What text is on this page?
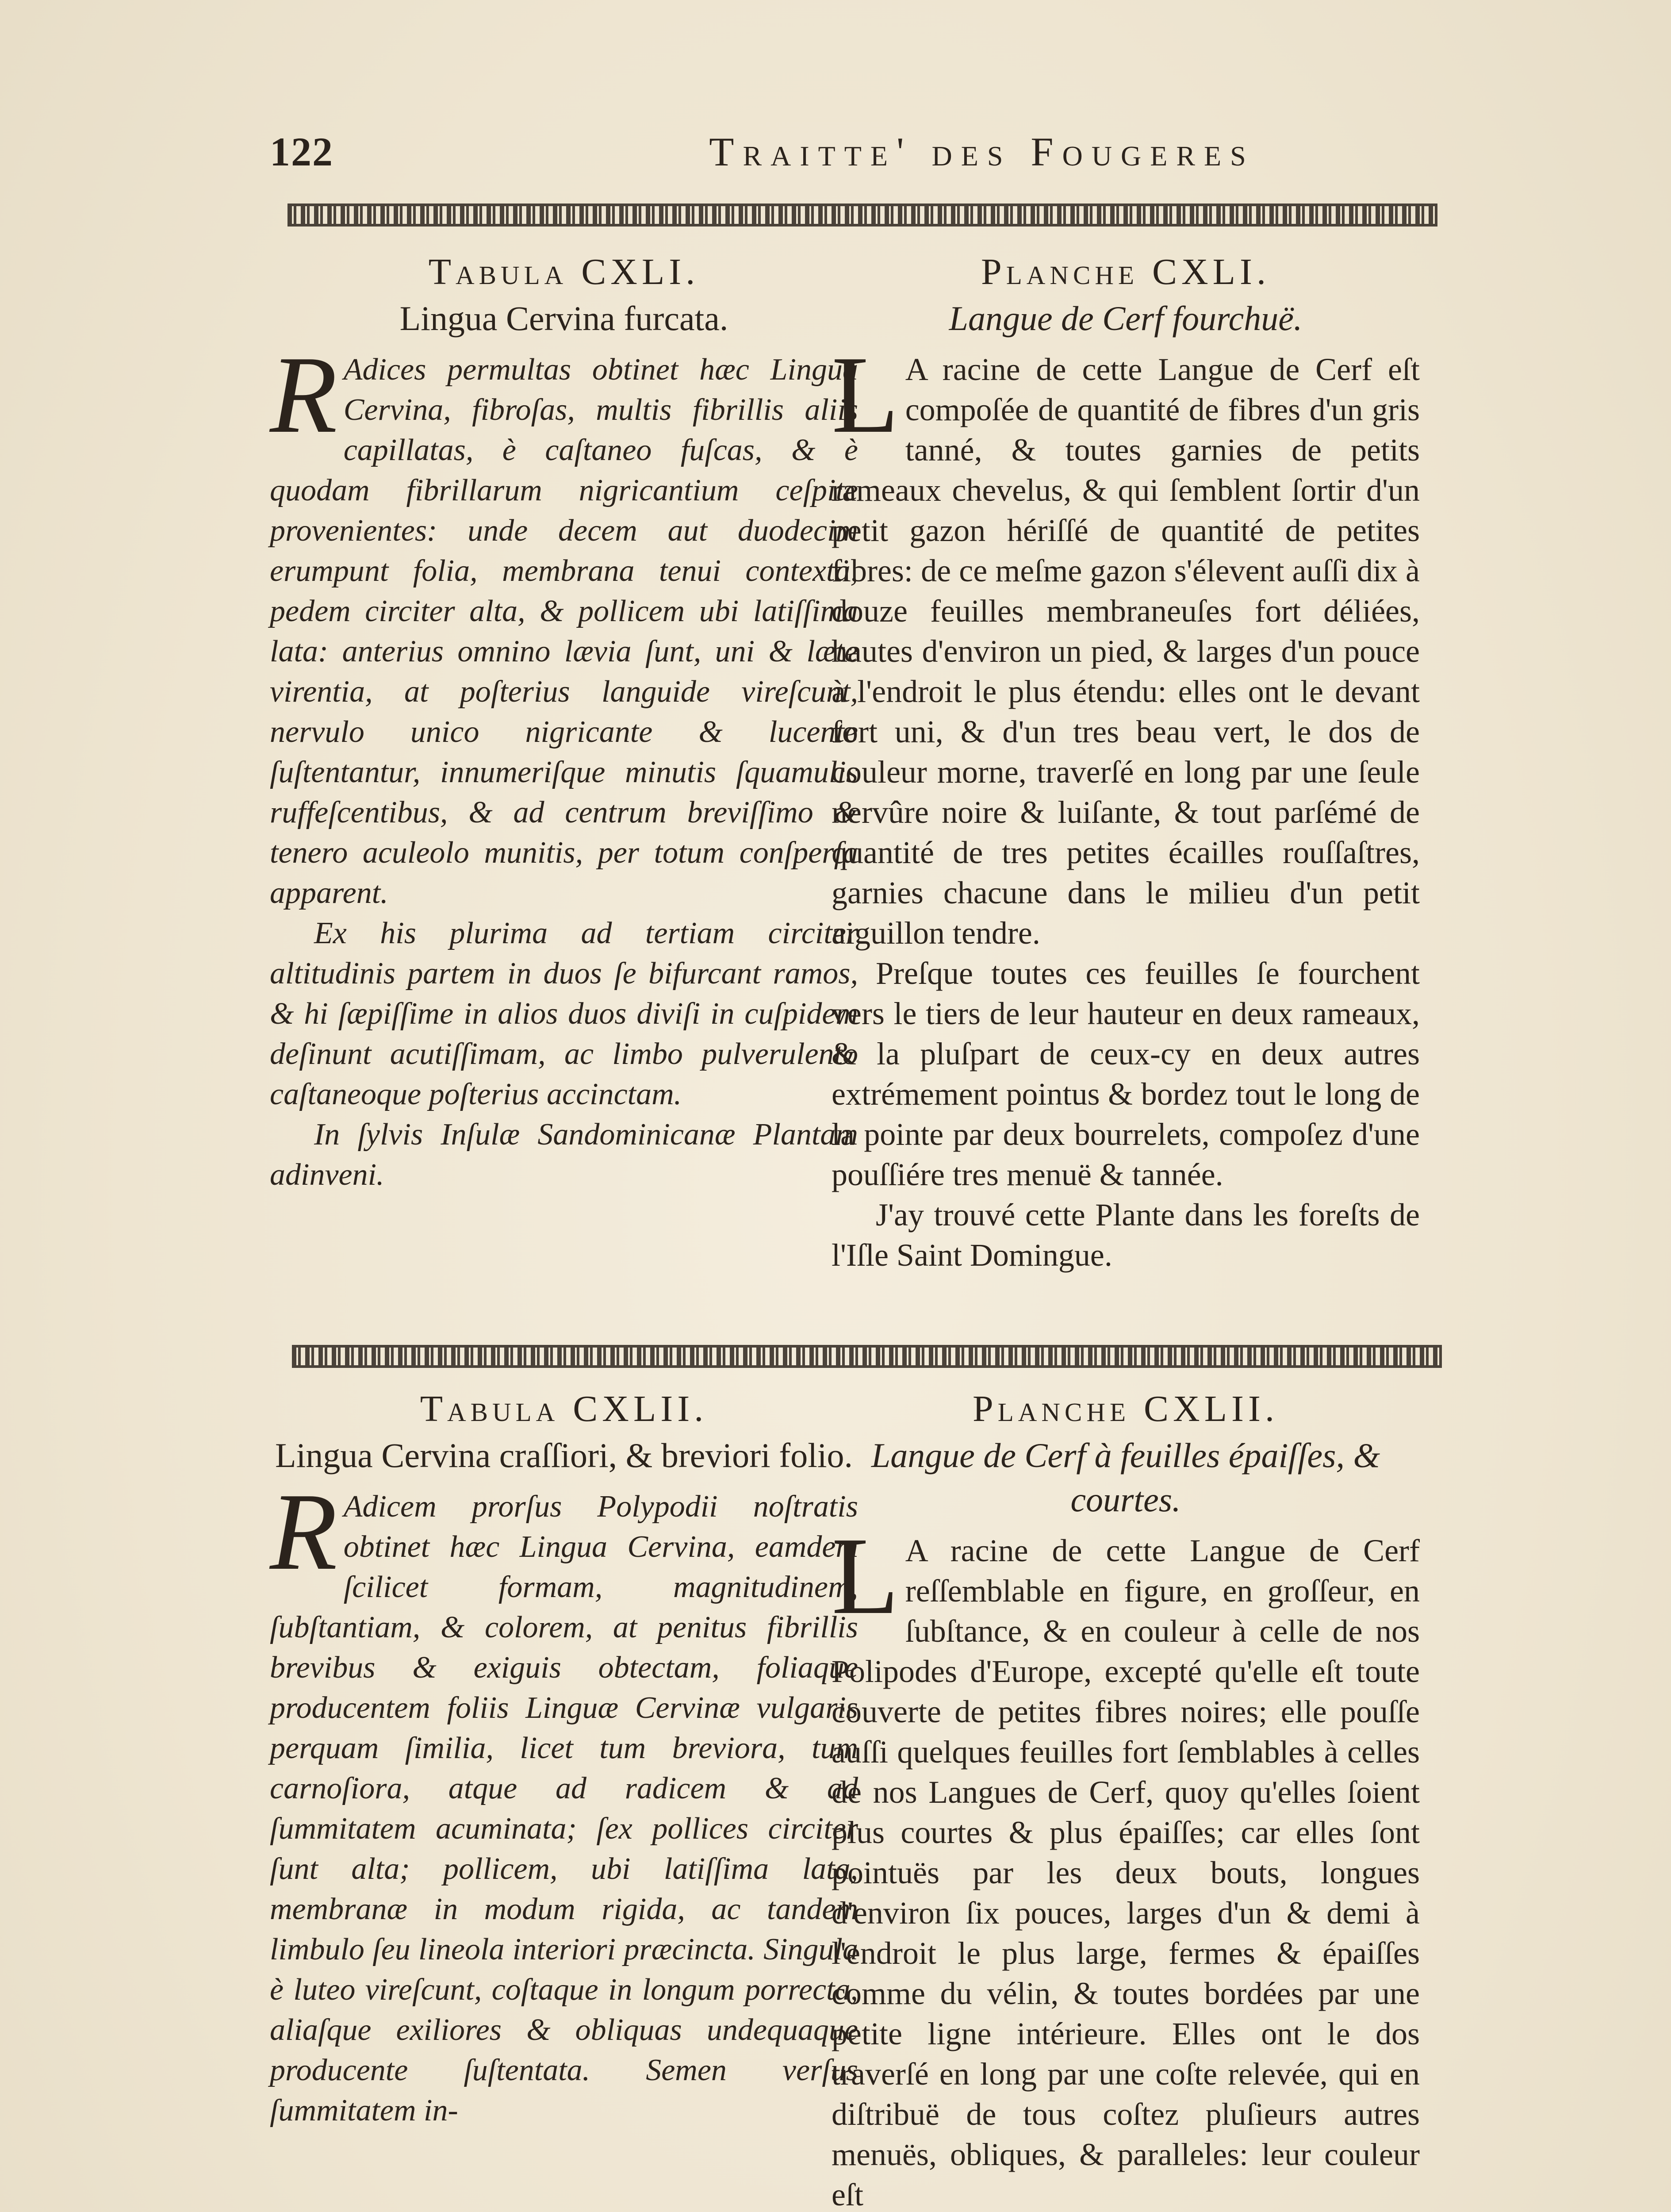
122	Traitte' des Fougeres

Tabula CXLI.

Lingua Cervina furcata.

R Adices permultas obtinet hæc Lingua Cervina, fibroſas, multis fibrillis aliis capillatas, è caſtaneo fuſcas, & è quodam fibrillarum nigricantium ceſpite provenientes: unde decem aut duodecim erumpunt folia, membrana tenui contexta, pedem circiter alta, & pollicem ubi latiſſima lata: anterius omnino lævia ſunt, uni & læte virentia, at poſterius languide vireſcunt, nervulo unico nigricante & lucente ſuſtentantur, innumeriſque minutis ſquamulis ruffeſcentibus, & ad centrum breviſſimo & tenero aculeolo munitis, per totum conſperſa apparent.

Ex his plurima ad tertiam circiter altitudinis partem in duos ſe bifurcant ramos, & hi ſæpiſſime in alios duos diviſi in cuſpidem deſinunt acutiſſimam, ac limbo pulverulento caſtaneoque poſterius accinctam.

In ſylvis Inſulæ Sandominicanæ Plantam adinveni.

Planche CXLI.

Langue de Cerf fourchuë.

L A racine de cette Langue de Cerf eſt compoſée de quantité de fibres d'un gris tanné, & toutes garnies de petits rameaux chevelus, & qui ſemblent ſortir d'un petit gazon hériſſé de quantité de petites fibres: de ce meſme gazon s'élevent auſſi dix à douze feuilles membraneuſes fort déliées, hautes d'environ un pied, & larges d'un pouce à l'endroit le plus étendu: elles ont le devant fort uni, & d'un tres beau vert, le dos de couleur morne, traverſé en long par une ſeule nervûre noire & luiſante, & tout parſémé de quantité de tres petites écailles rouſſaſtres, garnies chacune dans le milieu d'un petit aiguillon tendre.

Preſque toutes ces feuilles ſe fourchent vers le tiers de leur hauteur en deux rameaux, & la pluſpart de ceux-cy en deux autres extrémement pointus & bordez tout le long de la pointe par deux bourrelets, compoſez d'une pouſſiére tres menuë & tannée.

J'ay trouvé cette Plante dans les foreſts de l'Iſle Saint Domingue.

Tabula CXLII.

Lingua Cervina craſſiori, & breviori folio.

R Adicem prorſus Polypodii noſtratis obtinet hæc Lingua Cervina, eamdem ſcilicet formam, magnitudinem, ſubſtantiam, & colorem, at penitus fibrillis brevibus & exiguis obtectam, foliaque producentem foliis Linguæ Cervinæ vulgaris perquam ſimilia, licet tum breviora, tum carnoſiora, atque ad radicem & ad ſummitatem acuminata; ſex pollices circiter ſunt alta; pollicem, ubi latiſſima lata, membranæ in modum rigida, ac tandem limbulo ſeu lineola interiori præcincta. Singula è luteo vireſcunt, coſtaque in longum porrecta, aliaſque exiliores & obliquas undequaque producente ſuſtentata. Semen verſus ſummitatem in-

Planche CXLII.

Langue de Cerf à feuilles épaiſſes, & courtes.

L A racine de cette Langue de Cerf reſſemblable en figure, en groſſeur, en ſubſtance, & en couleur à celle de nos Polipodes d'Europe, excepté qu'elle eſt toute couverte de petites fibres noires; elle pouſſe auſſi quelques feuilles fort ſemblables à celles de nos Langues de Cerf, quoy qu'elles ſoient plus courtes & plus épaiſſes; car elles ſont pointuës par les deux bouts, longues d'environ ſix pouces, larges d'un & demi à l'endroit le plus large, fermes & épaiſſes comme du vélin, & toutes bordées par une petite ligne intérieure. Elles ont le dos traverſé en long par une coſte relevée, qui en diſtribuë de tous coſtez pluſieurs autres menuës, obliques, & paralleles: leur couleur eſt
